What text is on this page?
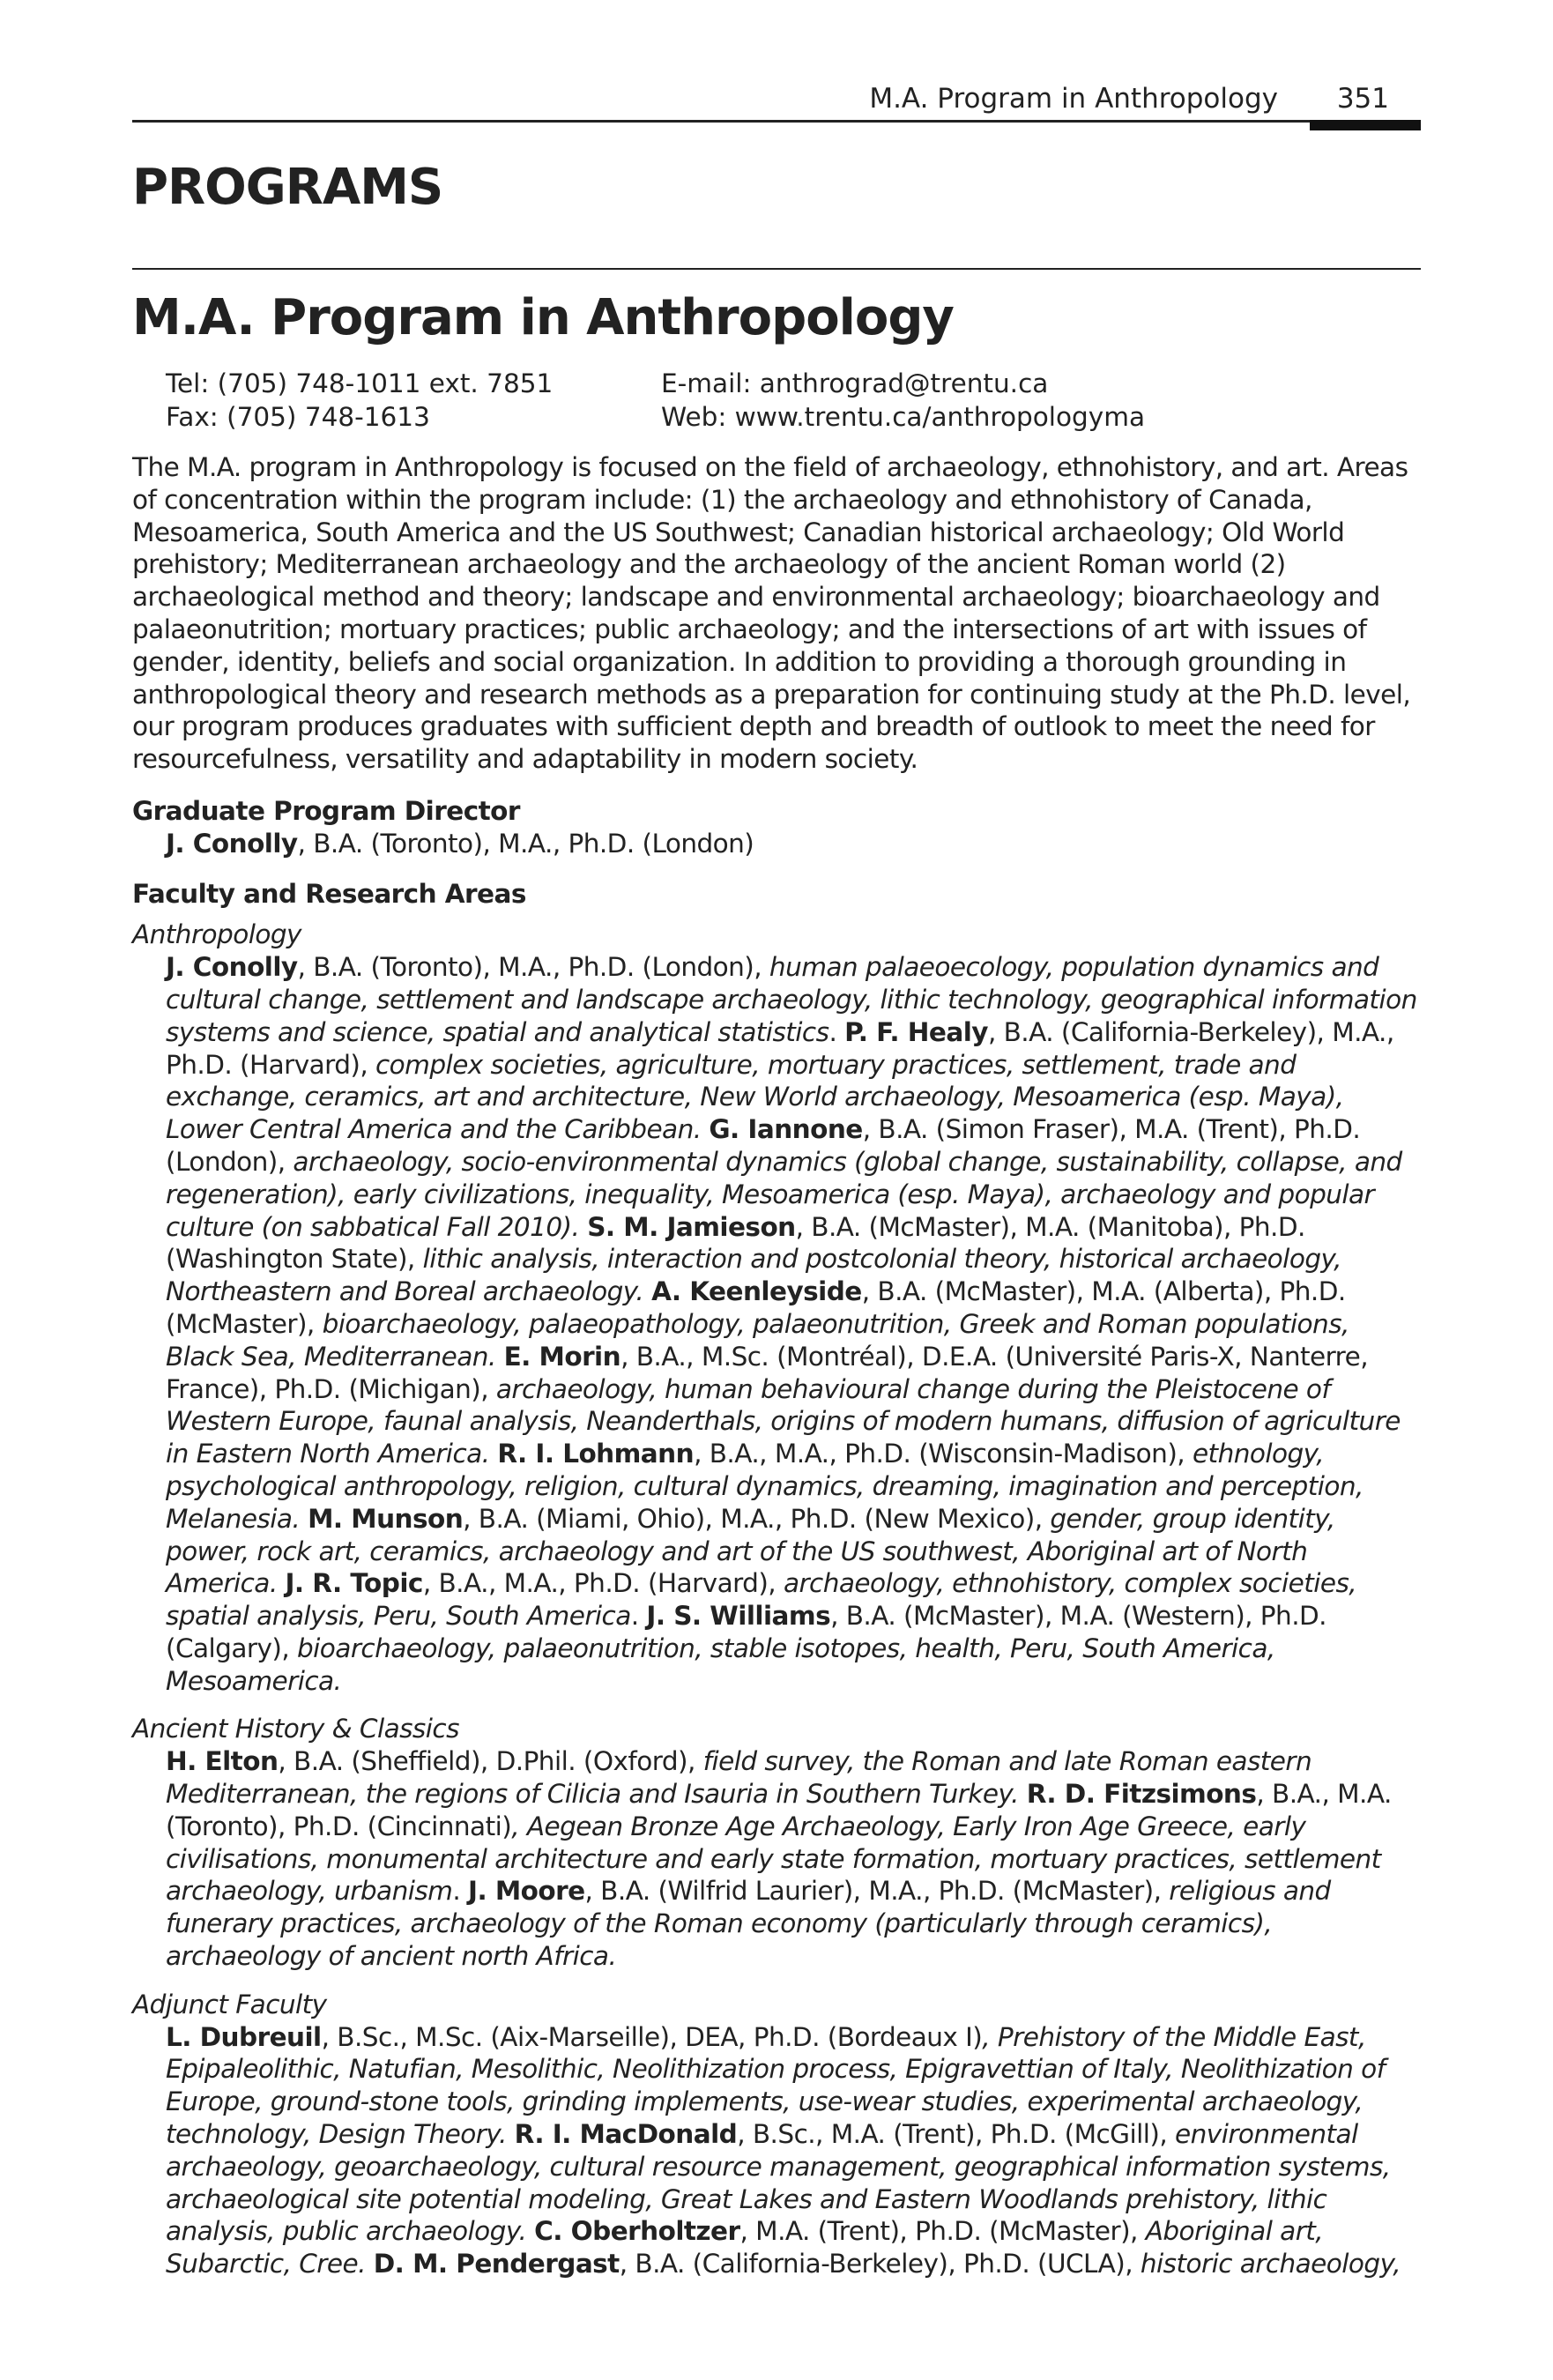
M.A. Program in Anthropology 351
PROGRAMS
M.A. Program in Anthropology
Tel: (705) 748-1011 ext. 7851
Fax: (705) 748-1613
E-mail: anthrograd@trentu.ca
Web: www.trentu.ca/anthropologyma

The M.A. program in Anthropology is focused on the field of archaeology, ethnohistory, and art. Areas of concentration within the program include: (1) the archaeology and ethnohistory of Canada, Mesoamerica, South America and the US Southwest; Canadian historical archaeology; Old World prehistory; Mediterranean archaeology and the archaeology of the ancient Roman world (2) archaeological method and theory; landscape and environmental archaeology; bioarchaeology and palaeonutrition; mortuary practices; public archaeology; and the intersections of art with issues of gender, identity, beliefs and social organization. In addition to providing a thorough grounding in anthropological theory and research methods as a preparation for continuing study at the Ph.D. level, our program produces graduates with sufficient depth and breadth of outlook to meet the need for resourcefulness, versatility and adaptability in modern society.

Graduate Program Director

J. Conolly, B.A. (Toronto), M.A., Ph.D. (London)

Faculty and Research Areas

Anthropology

J. Conolly, B.A. (Toronto), M.A., Ph.D. (London), human palaeoecology, population dynamics and cultural change, settlement and landscape archaeology, lithic technology, geographical information systems and science, spatial and analytical statistics. P. F. Healy, B.A. (California-Berkeley), M.A., Ph.D. (Harvard), complex societies, agriculture, mortuary practices, settlement, trade and exchange, ceramics, art and architecture, New World archaeology, Mesoamerica (esp. Maya), Lower Central America and the Caribbean. G. Iannone, B.A. (Simon Fraser), M.A. (Trent), Ph.D. (London), archaeology, socio-environmental dynamics (global change, sustainability, collapse, and regeneration), early civilizations, inequality, Mesoamerica (esp. Maya), archaeology and popular culture (on sabbatical Fall 2010). S. M. Jamieson, B.A. (McMaster), M.A. (Manitoba), Ph.D. (Washington State), lithic analysis, interaction and postcolonial theory, historical archaeology, Northeastern and Boreal archaeology. A. Keenleyside, B.A. (McMaster), M.A. (Alberta), Ph.D. (McMaster), bioarchaeology, palaeopathology, palaeonutrition, Greek and Roman populations, Black Sea, Mediterranean. E. Morin, B.A., M.Sc. (Montréal), D.E.A. (Université Paris-X, Nanterre, France), Ph.D. (Michigan), archaeology, human behavioural change during the Pleistocene of Western Europe, faunal analysis, Neanderthals, origins of modern humans, diffusion of agriculture in Eastern North America. R. I. Lohmann, B.A., M.A., Ph.D. (Wisconsin-Madison), ethnology, psychological anthropology, religion, cultural dynamics, dreaming, imagination and perception, Melanesia. M. Munson, B.A. (Miami, Ohio), M.A., Ph.D. (New Mexico), gender, group identity, power, rock art, ceramics, archaeology and art of the US southwest, Aboriginal art of North America. J. R. Topic, B.A., M.A., Ph.D. (Harvard), archaeology, ethnohistory, complex societies, spatial analysis, Peru, South America. J. S. Williams, B.A. (McMaster), M.A. (Western), Ph.D. (Calgary), bioarchaeology, palaeonutrition, stable isotopes, health, Peru, South America, Mesoamerica.

Ancient History & Classics

H. Elton, B.A. (Sheffield), D.Phil. (Oxford), field survey, the Roman and late Roman eastern Mediterranean, the regions of Cilicia and Isauria in Southern Turkey. R. D. Fitzsimons, B.A., M.A. (Toronto), Ph.D. (Cincinnati), Aegean Bronze Age Archaeology, Early Iron Age Greece, early civilisations, monumental architecture and early state formation, mortuary practices, settlement archaeology, urbanism. J. Moore, B.A. (Wilfrid Laurier), M.A., Ph.D. (McMaster), religious and funerary practices, archaeology of the Roman economy (particularly through ceramics), archaeology of ancient north Africa.

Adjunct Faculty

L. Dubreuil, B.Sc., M.Sc. (Aix-Marseille), DEA, Ph.D. (Bordeaux I), Prehistory of the Middle East, Epipaleolithic, Natufian, Mesolithic, Neolithization process, Epigravettian of Italy, Neolithization of Europe, ground-stone tools, grinding implements, use-wear studies, experimental archaeology, technology, Design Theory. R. I. MacDonald, B.Sc., M.A. (Trent), Ph.D. (McGill), environmental archaeology, geoarchaeology, cultural resource management, geographical information systems, archaeological site potential modeling, Great Lakes and Eastern Woodlands prehistory, lithic analysis, public archaeology. C. Oberholtzer, M.A. (Trent), Ph.D. (McMaster), Aboriginal art, Subarctic, Cree. D. M. Pendergast, B.A. (California-Berkeley), Ph.D. (UCLA), historic archaeology,
